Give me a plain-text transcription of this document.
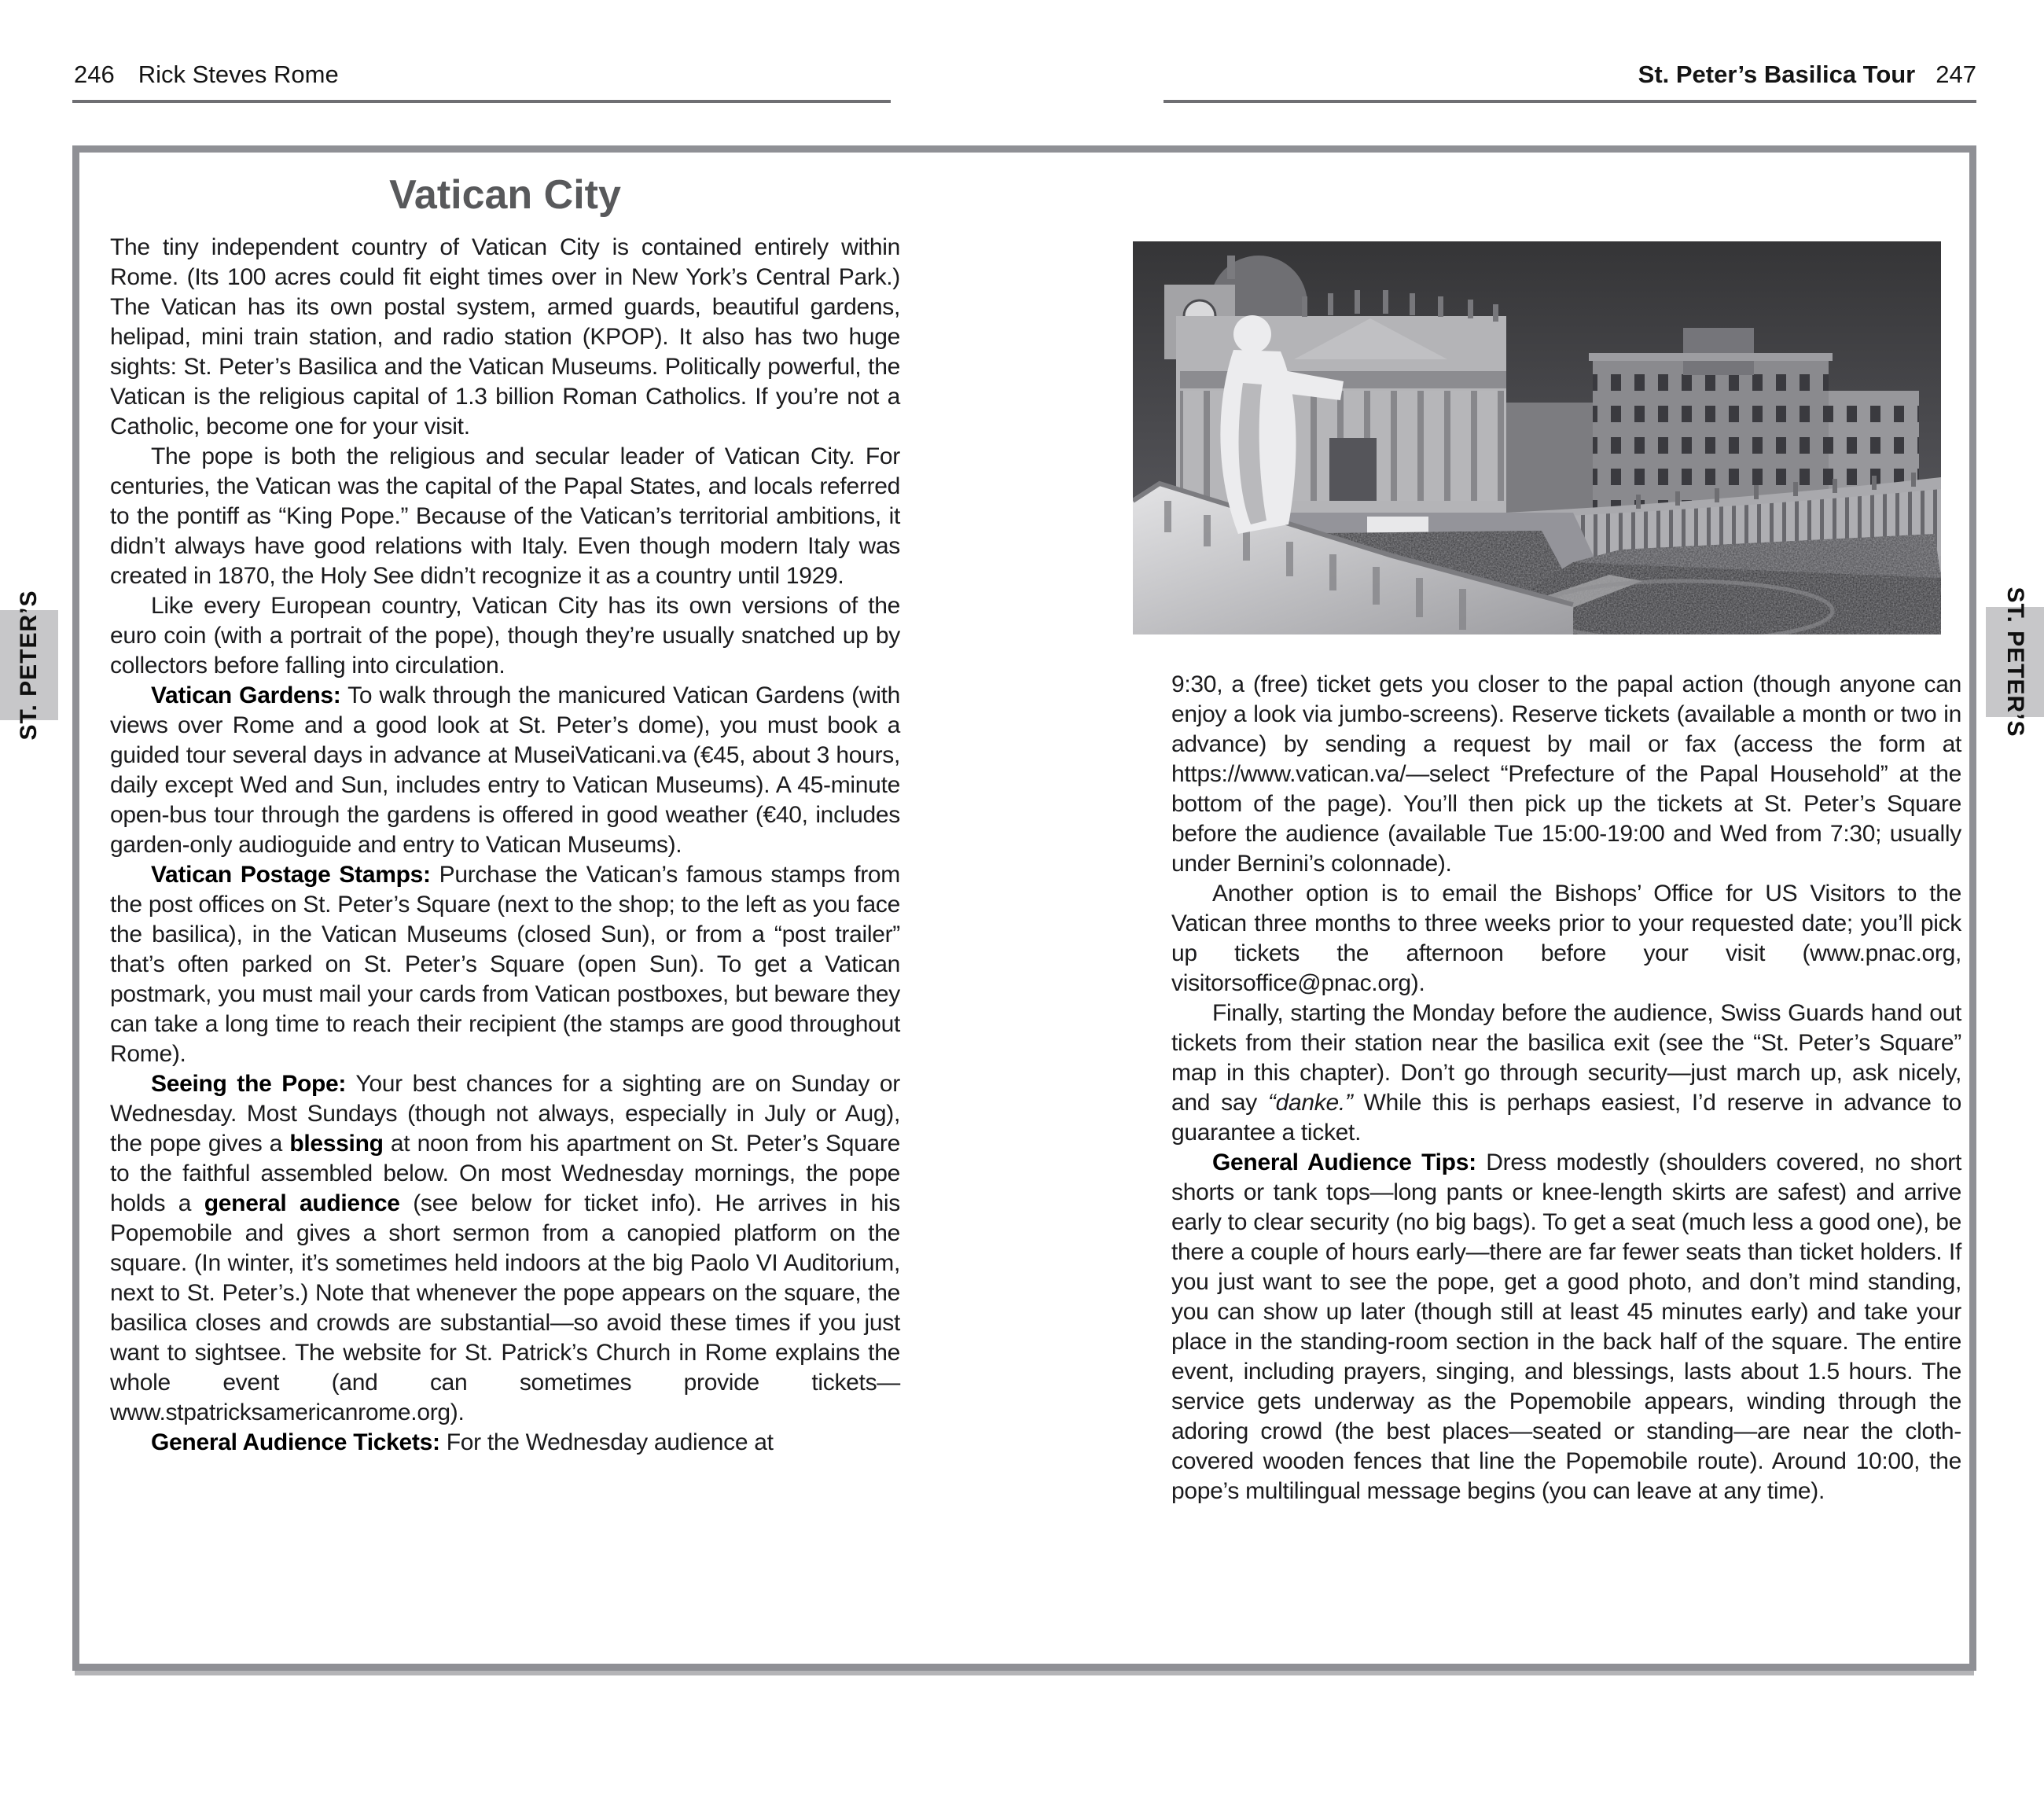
246 Rick Steves Rome	St. Peter’s Basilica Tour 247
ST. PETER’S	ST. PETER’S
Vatican City

The tiny independent country of Vatican City is contained entirely within Rome. (Its 100 acres could fit eight times over in New York’s Central Park.) The Vatican has its own postal system, armed guards, beautiful gardens, helipad, mini train station, and radio station (KPOP). It also has two huge sights: St. Peter’s Basilica and the Vatican Museums. Politically powerful, the Vatican is the religious capital of 1.3 billion Roman Catholics. If you’re not a Catholic, become one for your visit.

The pope is both the religious and secular leader of Vatican City. For centuries, the Vatican was the capital of the Papal States, and locals referred to the pontiff as “King Pope.” Because of the Vatican’s territorial ambitions, it didn’t always have good relations with Italy. Even though modern Italy was created in 1870, the Holy See didn’t recognize it as a country until 1929.

Like every European country, Vatican City has its own versions of the euro coin (with a portrait of the pope), though they’re usually snatched up by collectors before falling into circulation.

Vatican Gardens: To walk through the manicured Vatican Gardens (with views over Rome and a good look at St. Peter’s dome), you must book a guided tour several days in advance at MuseiVaticani.va (€45, about 3 hours, daily except Wed and Sun, includes entry to Vatican Museums). A 45-minute open-bus tour through the gardens is offered in good weather (€40, includes garden-only audioguide and entry to Vatican Museums).

Vatican Postage Stamps: Purchase the Vatican’s famous stamps from the post offices on St. Peter’s Square (next to the shop; to the left as you face the basilica), in the Vatican Museums (closed Sun), or from a “post trailer” that’s often parked on St. Peter’s Square (open Sun). To get a Vatican postmark, you must mail your cards from Vatican postboxes, but beware they can take a long time to reach their recipient (the stamps are good throughout Rome).

Seeing the Pope: Your best chances for a sighting are on Sunday or Wednesday. Most Sundays (though not always, especially in July or Aug), the pope gives a blessing at noon from his apartment on St. Peter’s Square to the faithful assembled below. On most Wednesday mornings, the pope holds a general audience (see below for ticket info). He arrives in his Popemobile and gives a short sermon from a canopied platform on the square. (In winter, it’s sometimes held indoors at the big Paolo VI Auditorium, next to St. Peter’s.) Note that whenever the pope appears on the square, the basilica closes and crowds are substantial—so avoid these times if you just want to sightsee. The website for St. Patrick’s Church in Rome explains the whole event (and can sometimes provide tickets—www.stpatricksamericanrome.org).

General Audience Tickets: For the Wednesday audience at

9:30, a (free) ticket gets you closer to the papal action (though anyone can enjoy a look via jumbo-screens). Reserve tickets (available a month or two in advance) by sending a request by mail or fax (access the form at https://www.vatican.va/—select “Prefecture of the Papal Household” at the bottom of the page). You’ll then pick up the tickets at St. Peter’s Square before the audience (available Tue 15:00-19:00 and Wed from 7:30; usually under Bernini’s colonnade).

Another option is to email the Bishops’ Office for US Visitors to the Vatican three months to three weeks prior to your requested date; you’ll pick up tickets the afternoon before your visit (www.pnac.org, visitorsoffice@pnac.org).

Finally, starting the Monday before the audience, Swiss Guards hand out tickets from their station near the basilica exit (see the “St. Peter’s Square” map in this chapter). Don’t go through security—just march up, ask nicely, and say “danke.” While this is perhaps easiest, I’d reserve in advance to guarantee a ticket.

General Audience Tips: Dress modestly (shoulders covered, no short shorts or tank tops—long pants or knee-length skirts are safest) and arrive early to clear security (no big bags). To get a seat (much less a good one), be there a couple of hours early—there are far fewer seats than ticket holders. If you just want to see the pope, get a good photo, and don’t mind standing, you can show up later (though still at least 45 minutes early) and take your place in the standing-room section in the back half of the square. The entire event, including prayers, singing, and blessings, lasts about 1.5 hours. The service gets underway as the Popemobile appears, winding through the adoring crowd (the best places—seated or standing—are near the cloth-covered wooden fences that line the Popemobile route). Around 10:00, the pope’s multilingual message begins (you can leave at any time).
